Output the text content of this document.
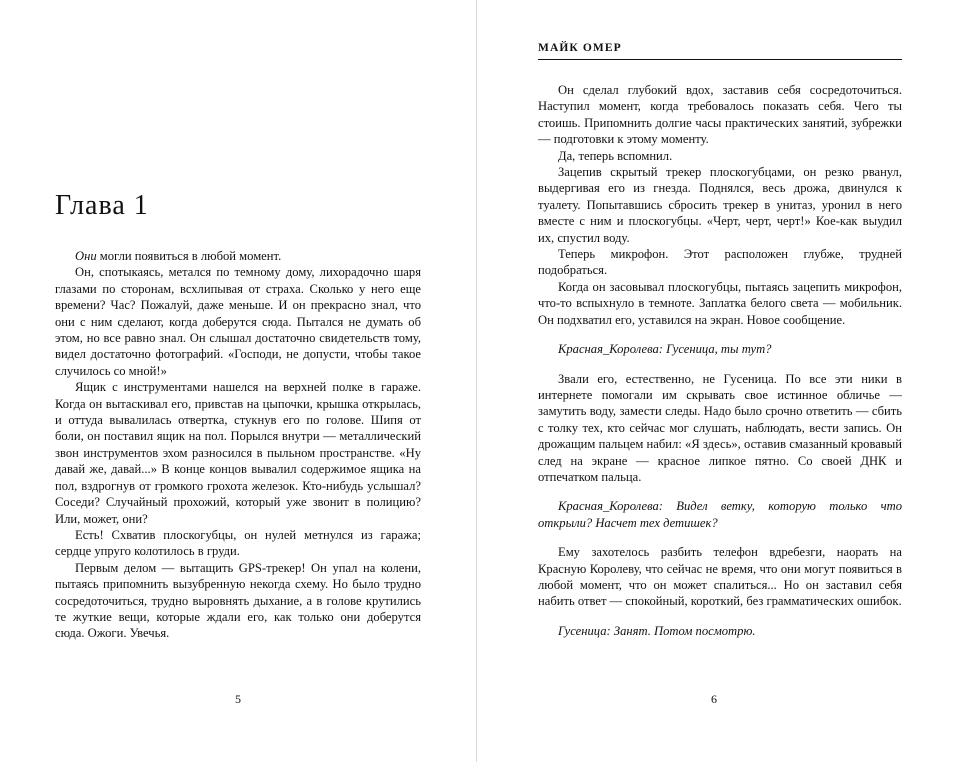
Глава 1

Они могли появиться в любой момент.

Он, спотыкаясь, метался по темному дому, лихорадочно шаря глазами по сторонам, всхлипывая от страха. Сколько у него еще времени? Час? Пожалуй, даже меньше. И он прекрасно знал, что они с ним сделают, когда доберутся сюда. Пытался не думать об этом, но все равно знал. Он слышал достаточно свидетельств тому, видел достаточно фотографий. «Господи, не допусти, чтобы такое случилось со мной!»

Ящик с инструментами нашелся на верхней полке в гараже. Когда он вытаскивал его, привстав на цыпочки, крышка открылась, и оттуда вывалилась отвертка, стукнув его по голове. Шипя от боли, он поставил ящик на пол. Порылся внутри — металлический звон инструментов эхом разносился в пыльном пространстве. «Ну давай же, давай...» В конце концов вывалил содержимое ящика на пол, вздрогнув от громкого грохота железок. Кто-нибудь услышал? Соседи? Случайный прохожий, который уже звонит в полицию? Или, может, они?

Есть! Схватив плоскогубцы, он нулей метнулся из гаража; сердце упруго колотилось в груди.

Первым делом — вытащить GPS-трекер! Он упал на колени, пытаясь припомнить вызубренную некогда схему. Но было трудно сосредоточиться, трудно выровнять дыхание, а в голове крутились те жуткие вещи, которые ждали его, как только они доберутся сюда. Ожоги. Увечья.

5
МАЙК ОМЕР

Он сделал глубокий вдох, заставив себя сосредоточиться. Наступил момент, когда требовалось показать себя. Чего ты стоишь. Припомнить долгие часы практических занятий, зубрежки — подготовки к этому моменту.

Да, теперь вспомнил.

Зацепив скрытый трекер плоскогубцами, он резко рванул, выдергивая его из гнезда. Поднялся, весь дрожа, двинулся к туалету. Попытавшись сбросить трекер в унитаз, уронил в него вместе с ним и плоскогубцы. «Черт, черт, черт!» Кое-как выудил их, спустил воду.

Теперь микрофон. Этот расположен глубже, трудней подобраться.

Когда он засовывал плоскогубцы, пытаясь зацепить микрофон, что-то вспыхнуло в темноте. Заплатка белого света — мобильник. Он подхватил его, уставился на экран. Новое сообщение.

Красная_Королева: Гусеница, ты тут?

Звали его, естественно, не Гусеница. По все эти ники в интернете помогали им скрывать свое истинное обличье — замутить воду, замести следы. Надо было срочно ответить — сбить с толку тех, кто сейчас мог слушать, наблюдать, вести запись. Он дрожащим пальцем набил: «Я здесь», оставив смазанный кровавый след на экране — красное липкое пятно. Со своей ДНК и отпечатком пальца.

Красная_Королева: Видел ветку, которую только что открыли? Насчет тех детишек?

Ему захотелось разбить телефон вдребезги, наорать на Красную Королеву, что сейчас не время, что они могут появиться в любой момент, что он может спалиться... Но он заставил себя набить ответ — спокойный, короткий, без грамматических ошибок.

Гусеница: Занят. Потом посмотрю.

6
